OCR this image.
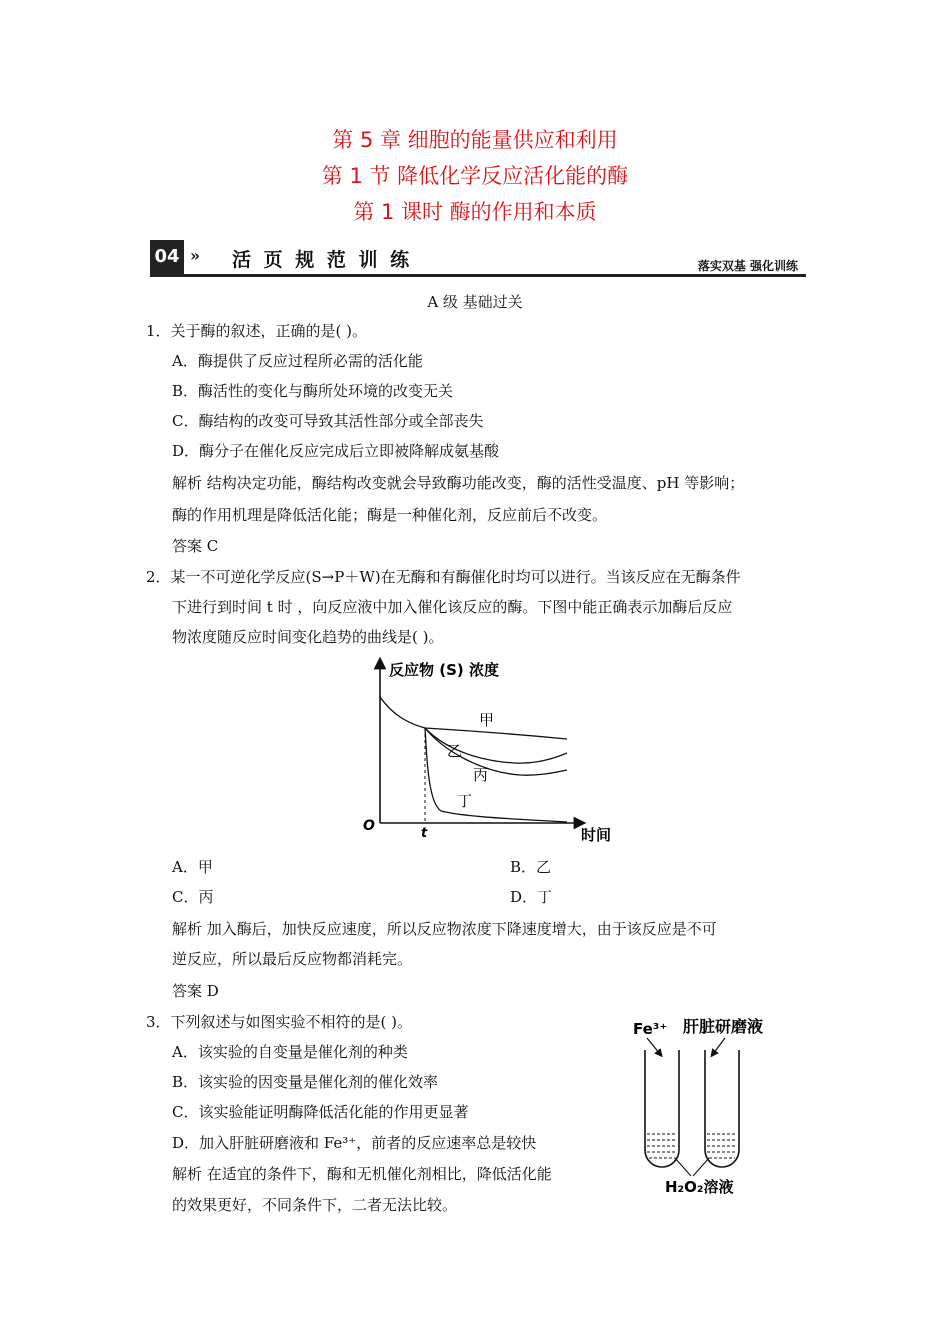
第 5 章 细胞的能量供应和利用
第 1 节 降低化学反应活化能的酶
第 1 课时 酶的作用和本质
04 » 活 页 规 范 训 练	落实双基 强化训练
A 级 基础过关
1．关于酶的叙述，正确的是( )。
A．酶提供了反应过程所必需的活化能
B．酶活性的变化与酶所处环境的改变无关
C．酶结构的改变可导致其活性部分或全部丧失
D．酶分子在催化反应完成后立即被降解成氨基酸
解析 结构决定功能，酶结构改变就会导致酶功能改变，酶的活性受温度、pH 等影响；
酶的作用机理是降低活化能；酶是一种催化剂，反应前后不改变。
答案 C
2．某一不可逆化学反应(S→P＋W)在无酶和有酶催化时均可以进行。当该反应在无酶条件
下进行到时间 t 时 ，向反应液中加入催化该反应的酶。下图中能正确表示加酶后反应
物浓度随反应时间变化趋势的曲线是( )。
反应物 (S) 浓度
时间
O	t
甲
乙
丙
丁
A．甲	B．乙
C．丙	D．丁
解析 加入酶后，加快反应速度，所以反应物浓度下降速度增大，由于该反应是不可
逆反应，所以最后反应物都消耗完。
答案 D
3．下列叙述与如图实验不相符的是( )。
A．该实验的自变量是催化剂的种类
B．该实验的因变量是催化剂的催化效率
C．该实验能证明酶降低活化能的作用更显著
D．加入肝脏研磨液和 Fe³⁺，前者的反应速率总是较快
解析 在适宜的条件下，酶和无机催化剂相比，降低活化能
的效果更好，不同条件下，二者无法比较。
Fe³⁺ 肝脏研磨液
H₂O₂溶液
